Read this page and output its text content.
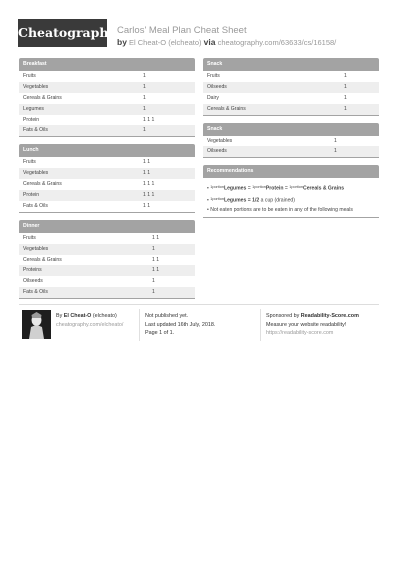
Cheatography Carlos' Meal Plan Cheat Sheet
by El Cheat-O (elcheato) via cheatography.com/63633/cs/16158/
Breakfast
Fruits	1
Vegetables	1
Cereals & Grains	1
Legumes	1
Protein	1 1 1
Fats & Oils	1
Lunch
Fruits	1 1
Vegetables	1 1
Cereals & Grains	1 1 1
Protein	1 1 1
Fats & Oils	1 1
Dinner
Fruits	1 1
Vegetables	1
Cereals & Grains	1 1
Proteins	1 1
Oilseeds	1
Fats & Oils	1
Snack
Fruits	1
Oilseeds	1
Dairy	1
Cereals & Grains	1
Snack
Vegetables	1
Oilseeds	1
Recommendations
• $^{1portion}$Legumes = $^{1portion}$Protein = $^{1portion}$Cereals & Grains
• $^{1portion}$Legumes = 1/2 a cup (drained)
• Not eaten portions are to be eaten in any of the following meals
By El Cheat-O (elcheato)
cheatography.com/elcheato/
Not published yet.
Last updated 16th July, 2018.
Page 1 of 1.
Sponsored by Readability-Score.com
Measure your website readability!
https://readability-score.com
